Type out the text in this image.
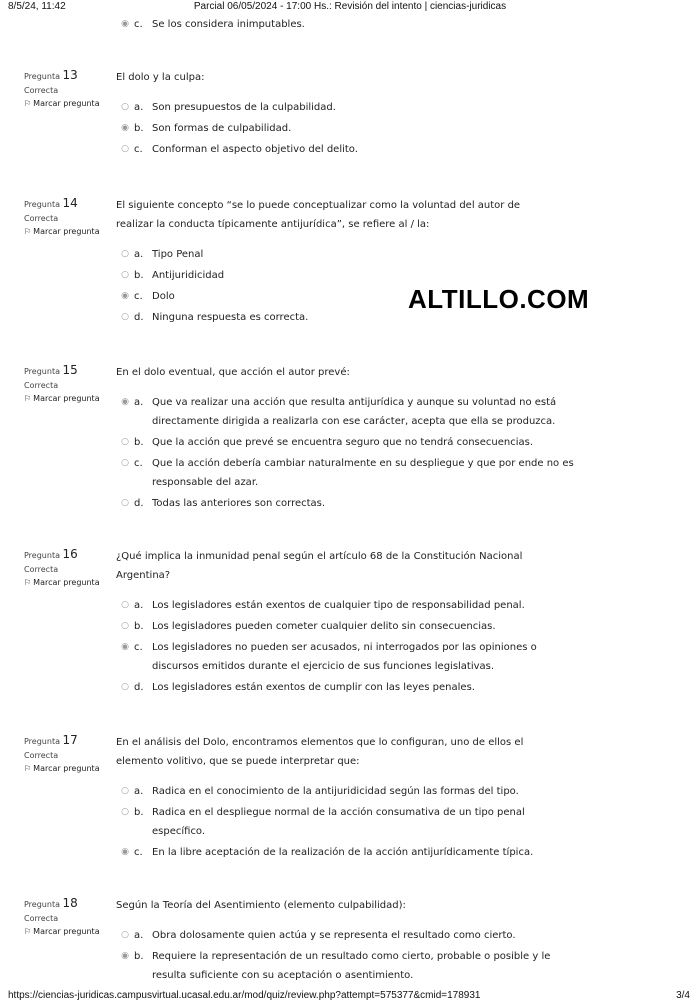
8/5/24, 11:42	Parcial 06/05/2024 - 17:00 Hs.: Revisión del intento | ciencias-juridicas
◉ c. Se los considera inimputables.
ALTILLO.COM
Pregunta 13
Correcta
⚐ Marcar pregunta
El dolo y la culpa:
○ a. Son presupuestos de la culpabilidad.
◉ b. Son formas de culpabilidad.
○ c. Conforman el aspecto objetivo del delito.
Pregunta 14
Correcta
⚐ Marcar pregunta
El siguiente concepto “se lo puede conceptualizar como la voluntad del autor de realizar la conducta típicamente antijurídica”, se refiere al / la:
○ a. Tipo Penal
○ b. Antijuridicidad
◉ c. Dolo
○ d. Ninguna respuesta es correcta.
Pregunta 15
Correcta
⚐ Marcar pregunta
En el dolo eventual, que acción el autor prevé:
◉ a. Que va realizar una acción que resulta antijurídica y aunque su voluntad no está directamente dirigida a realizarla con ese carácter, acepta que ella se produzca.
○ b. Que la acción que prevé se encuentra seguro que no tendrá consecuencias.
○ c. Que la acción debería cambiar naturalmente en su despliegue y que por ende no es responsable del azar.
○ d. Todas las anteriores son correctas.
Pregunta 16
Correcta
⚐ Marcar pregunta
¿Qué implica la inmunidad penal según el artículo 68 de la Constitución Nacional Argentina?
○ a. Los legisladores están exentos de cualquier tipo de responsabilidad penal.
○ b. Los legisladores pueden cometer cualquier delito sin consecuencias.
◉ c. Los legisladores no pueden ser acusados, ni interrogados por las opiniones o discursos emitidos durante el ejercicio de sus funciones legislativas.
○ d. Los legisladores están exentos de cumplir con las leyes penales.
Pregunta 17
Correcta
⚐ Marcar pregunta
En el análisis del Dolo, encontramos elementos que lo configuran, uno de ellos el elemento volitivo, que se puede interpretar que:
○ a. Radica en el conocimiento de la antijuridicidad según las formas del tipo.
○ b. Radica en el despliegue normal de la acción consumativa de un tipo penal específico.
◉ c. En la libre aceptación de la realización de la acción antijurídicamente típica.
Pregunta 18
Correcta
⚐ Marcar pregunta
Según la Teoría del Asentimiento (elemento culpabilidad):
○ a. Obra dolosamente quien actúa y se representa el resultado como cierto.
◉ b. Requiere la representación de un resultado como cierto, probable o posible y le resulta suficiente con su aceptación o asentimiento.
https://ciencias-juridicas.campusvirtual.ucasal.edu.ar/mod/quiz/review.php?attempt=575377&cmid=178931	3/4
